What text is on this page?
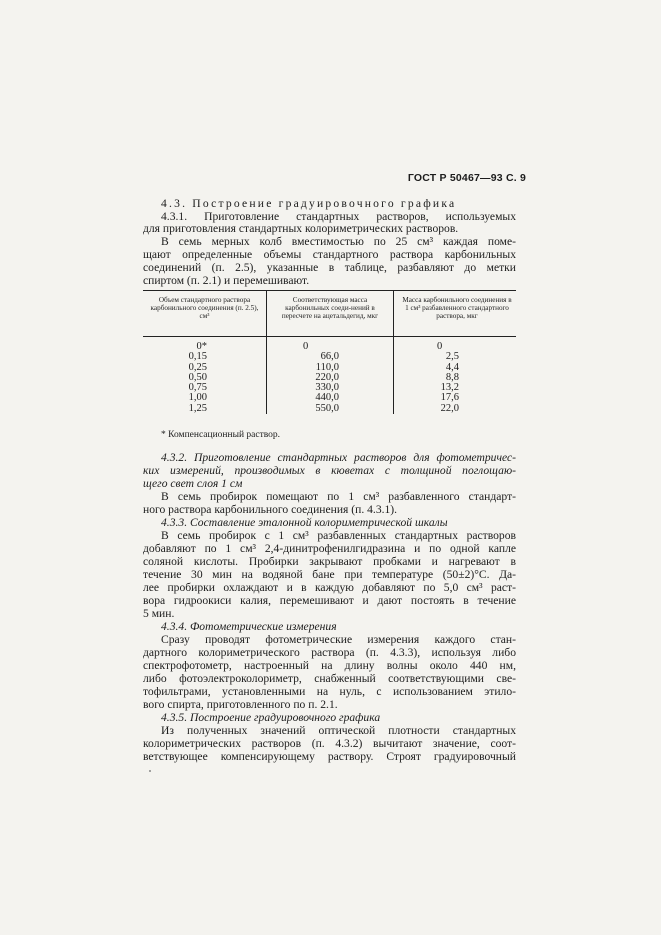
ГОСТ Р 50467—93 С. 9
4.3. Построение градуировочного графика
4.3.1. Приготовление стандартных растворов, используемых
для приготовления стандартных колориметрических растворов.
В семь мерных колб вместимостью по 25 см³ каждая поме-
щают определенные объемы стандартного раствора карбонильных
соединений (п. 2.5), указанные в таблице, разбавляют до метки
спиртом (п. 2.1) и перемешивают.
Объем стандартного раствора карбонильного соединения (п. 2.5), см³
Соответствующая масса карбонильных соеди-нений в пересчете на ацетальдегид, мкг
Масса карбонильного соединения в 1 см³ разбавленного стандартного раствора, мкг
0*
0,15
0,25
0,50
0,75
1,00
1,25
0
66,0
110,0
220,0
330,0
440,0
550,0
0
2,5
4,4
8,8
13,2
17,6
22,0
* Компенсационный раствор.
4.3.2. Приготовление стандартных растворов для фотометричес-
ких измерений, производимых в кюветах с толщиной поглощаю-
щего свет слоя 1 см
В семь пробирок помещают по 1 см³ разбавленного стандарт-
ного раствора карбонильного соединения (п. 4.3.1).
4.3.3. Составление эталонной колориметрической шкалы
В семь пробирок с 1 см³ разбавленных стандартных растворов
добавляют по 1 см³ 2,4-динитрофенилгидразина и по одной капле
соляной кислоты. Пробирки закрывают пробками и нагревают в
течение 30 мин на водяной бане при температуре (50±2)°С. Да-
лее пробирки охлаждают и в каждую добавляют по 5,0 см³ раст-
вора гидроокиси калия, перемешивают и дают постоять в течение
5 мин.
4.3.4. Фотометрические измерения
Сразу проводят фотометрические измерения каждого стан-
дартного колориметрического раствора (п. 4.3.3), используя либо
спектрофотометр, настроенный на длину волны около 440 нм,
либо фотоэлектроколориметр, снабженный соответствующими све-
тофильтрами, установленными на нуль, с использованием этило-
вого спирта, приготовленного по п. 2.1.
4.3.5. Построение градуировочного графика
Из полученных значений оптической плотности стандартных
колориметрических растворов (п. 4.3.2) вычитают значение, соот-
ветствующее компенсирующему раствору. Строят градуировочный
